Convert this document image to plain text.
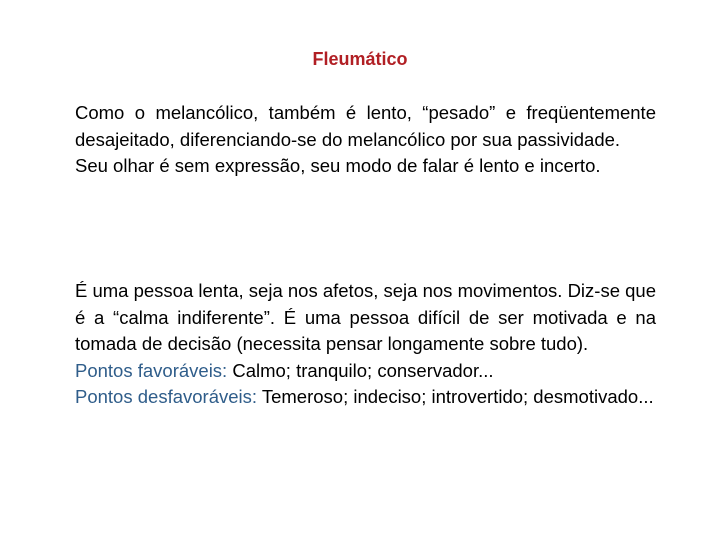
Fleumático

Como o melancólico, também é lento, “pesado” e freqüentemente desajeitado, diferenciando-se do melancólico por sua passividade.

Seu olhar é sem expressão, seu modo de falar é lento e incerto.

É uma pessoa lenta, seja nos afetos, seja nos movimentos. Diz-se que é a “calma indiferente”. É uma pessoa difícil de ser motivada e na tomada de decisão (necessita pensar longamente sobre tudo).

Pontos favoráveis: Calmo; tranquilo; conservador...

Pontos desfavoráveis: Temeroso; indeciso; introvertido; desmotivado...
